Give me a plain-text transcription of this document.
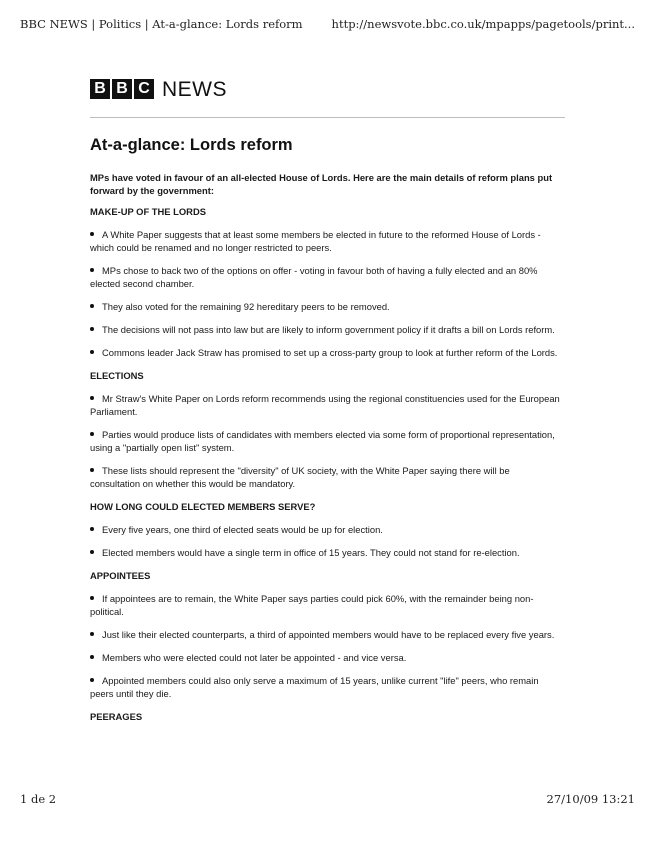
BBC NEWS | Politics | At-a-glance: Lords reform	http://newsvote.bbc.co.uk/mpapps/pagetools/print...
B B C NEWS
At-a-glance: Lords reform

MPs have voted in favour of an all-elected House of Lords. Here are the main details of reform plans put forward by the government:

MAKE-UP OF THE LORDS
A White Paper suggests that at least some members be elected in future to the reformed House of Lords - which could be renamed and no longer restricted to peers.
MPs chose to back two of the options on offer - voting in favour both of having a fully elected and an 80% elected second chamber.
They also voted for the remaining 92 hereditary peers to be removed.
The decisions will not pass into law but are likely to inform government policy if it drafts a bill on Lords reform.
Commons leader Jack Straw has promised to set up a cross-party group to look at further reform of the Lords.
ELECTIONS
Mr Straw's White Paper on Lords reform recommends using the regional constituencies used for the European Parliament.
Parties would produce lists of candidates with members elected via some form of proportional representation, using a "partially open list" system.
These lists should represent the "diversity" of UK society, with the White Paper saying there will be consultation on whether this would be mandatory.
HOW LONG COULD ELECTED MEMBERS SERVE?
Every five years, one third of elected seats would be up for election.
Elected members would have a single term in office of 15 years. They could not stand for re-election.
APPOINTEES
If appointees are to remain, the White Paper says parties could pick 60%, with the remainder being non-political.
Just like their elected counterparts, a third of appointed members would have to be replaced every five years.
Members who were elected could not later be appointed - and vice versa.
Appointed members could also only serve a maximum of 15 years, unlike current "life" peers, who remain peers until they die.
PEERAGES
1 de 2	27/10/09 13:21
